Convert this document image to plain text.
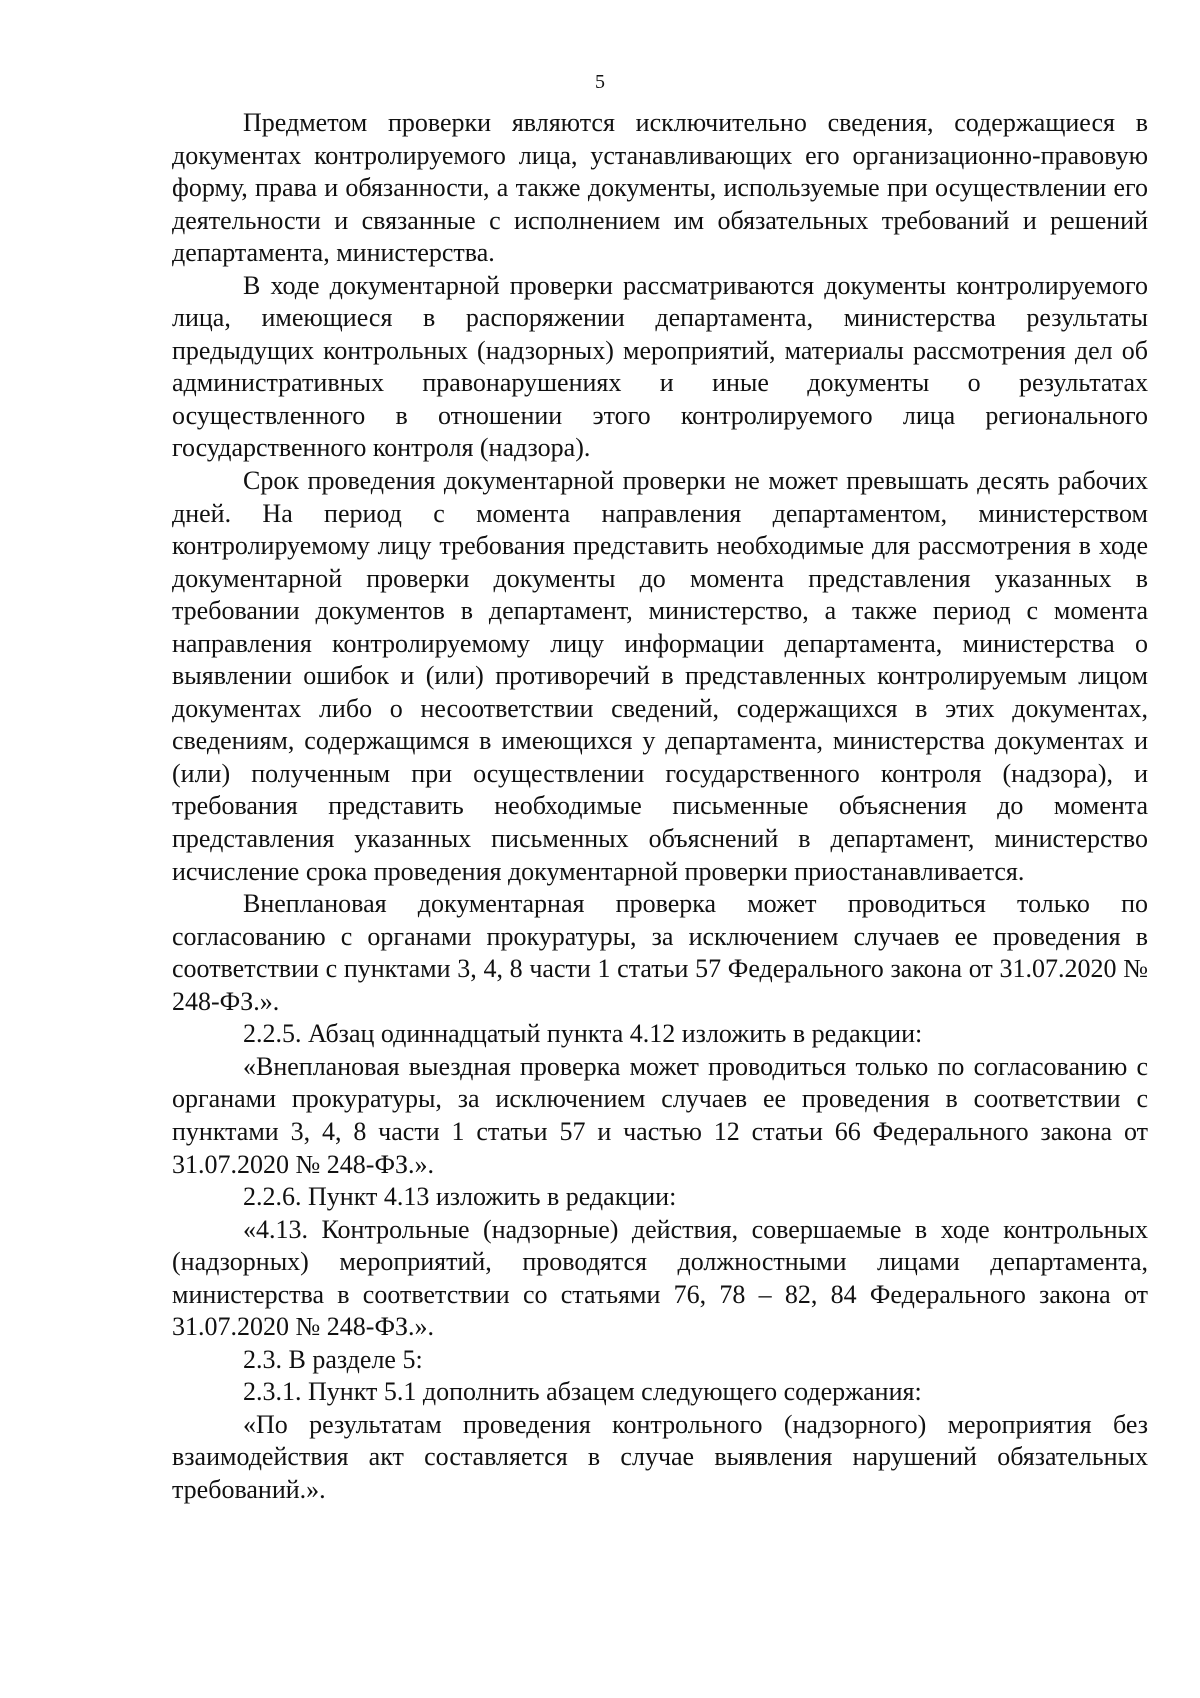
5

Предметом проверки являются исключительно сведения, содержащиеся в документах контролируемого лица, устанавливающих его организационно-правовую форму, права и обязанности, а также документы, используемые при осуществлении его деятельности и связанные с исполнением им обязательных требований и решений департамента, министерства.

В ходе документарной проверки рассматриваются документы контролируемого лица, имеющиеся в распоряжении департамента, министерства результаты предыдущих контрольных (надзорных) мероприятий, материалы рассмотрения дел об административных правонарушениях и иные документы о результатах осуществленного в отношении этого контролируемого лица регионального государственного контроля (надзора).

Срок проведения документарной проверки не может превышать десять рабочих дней. На период с момента направления департаментом, министерством контролируемому лицу требования представить необходимые для рассмотрения в ходе документарной проверки документы до момента представления указанных в требовании документов в департамент, министерство, а также период с момента направления контролируемому лицу информации департамента, министерства о выявлении ошибок и (или) противоречий в представленных контролируемым лицом документах либо о несоответствии сведений, содержащихся в этих документах, сведениям, содержащимся в имеющихся у департамента, министерства документах и (или) полученным при осуществлении государственного контроля (надзора), и требования представить необходимые письменные объяснения до момента представления указанных письменных объяснений в департамент, министерство исчисление срока проведения документарной проверки приостанавливается.

Внеплановая документарная проверка может проводиться только по согласованию с органами прокуратуры, за исключением случаев ее проведения в соответствии с пунктами 3, 4, 8 части 1 статьи 57 Федерального закона от 31.07.2020 № 248-ФЗ.».

2.2.5. Абзац одиннадцатый пункта 4.12 изложить в редакции:

«Внеплановая выездная проверка может проводиться только по согласованию с органами прокуратуры, за исключением случаев ее проведения в соответствии с пунктами 3, 4, 8 части 1 статьи 57 и частью 12 статьи 66 Федерального закона от 31.07.2020 № 248-ФЗ.».

2.2.6. Пункт 4.13 изложить в редакции:

«4.13. Контрольные (надзорные) действия, совершаемые в ходе контрольных (надзорных) мероприятий, проводятся должностными лицами департамента, министерства в соответствии со статьями 76, 78 – 82, 84 Федерального закона от 31.07.2020 № 248-ФЗ.».

2.3. В разделе 5:

2.3.1. Пункт 5.1 дополнить абзацем следующего содержания:

«По результатам проведения контрольного (надзорного) мероприятия без взаимодействия акт составляется в случае выявления нарушений обязательных требований.».
